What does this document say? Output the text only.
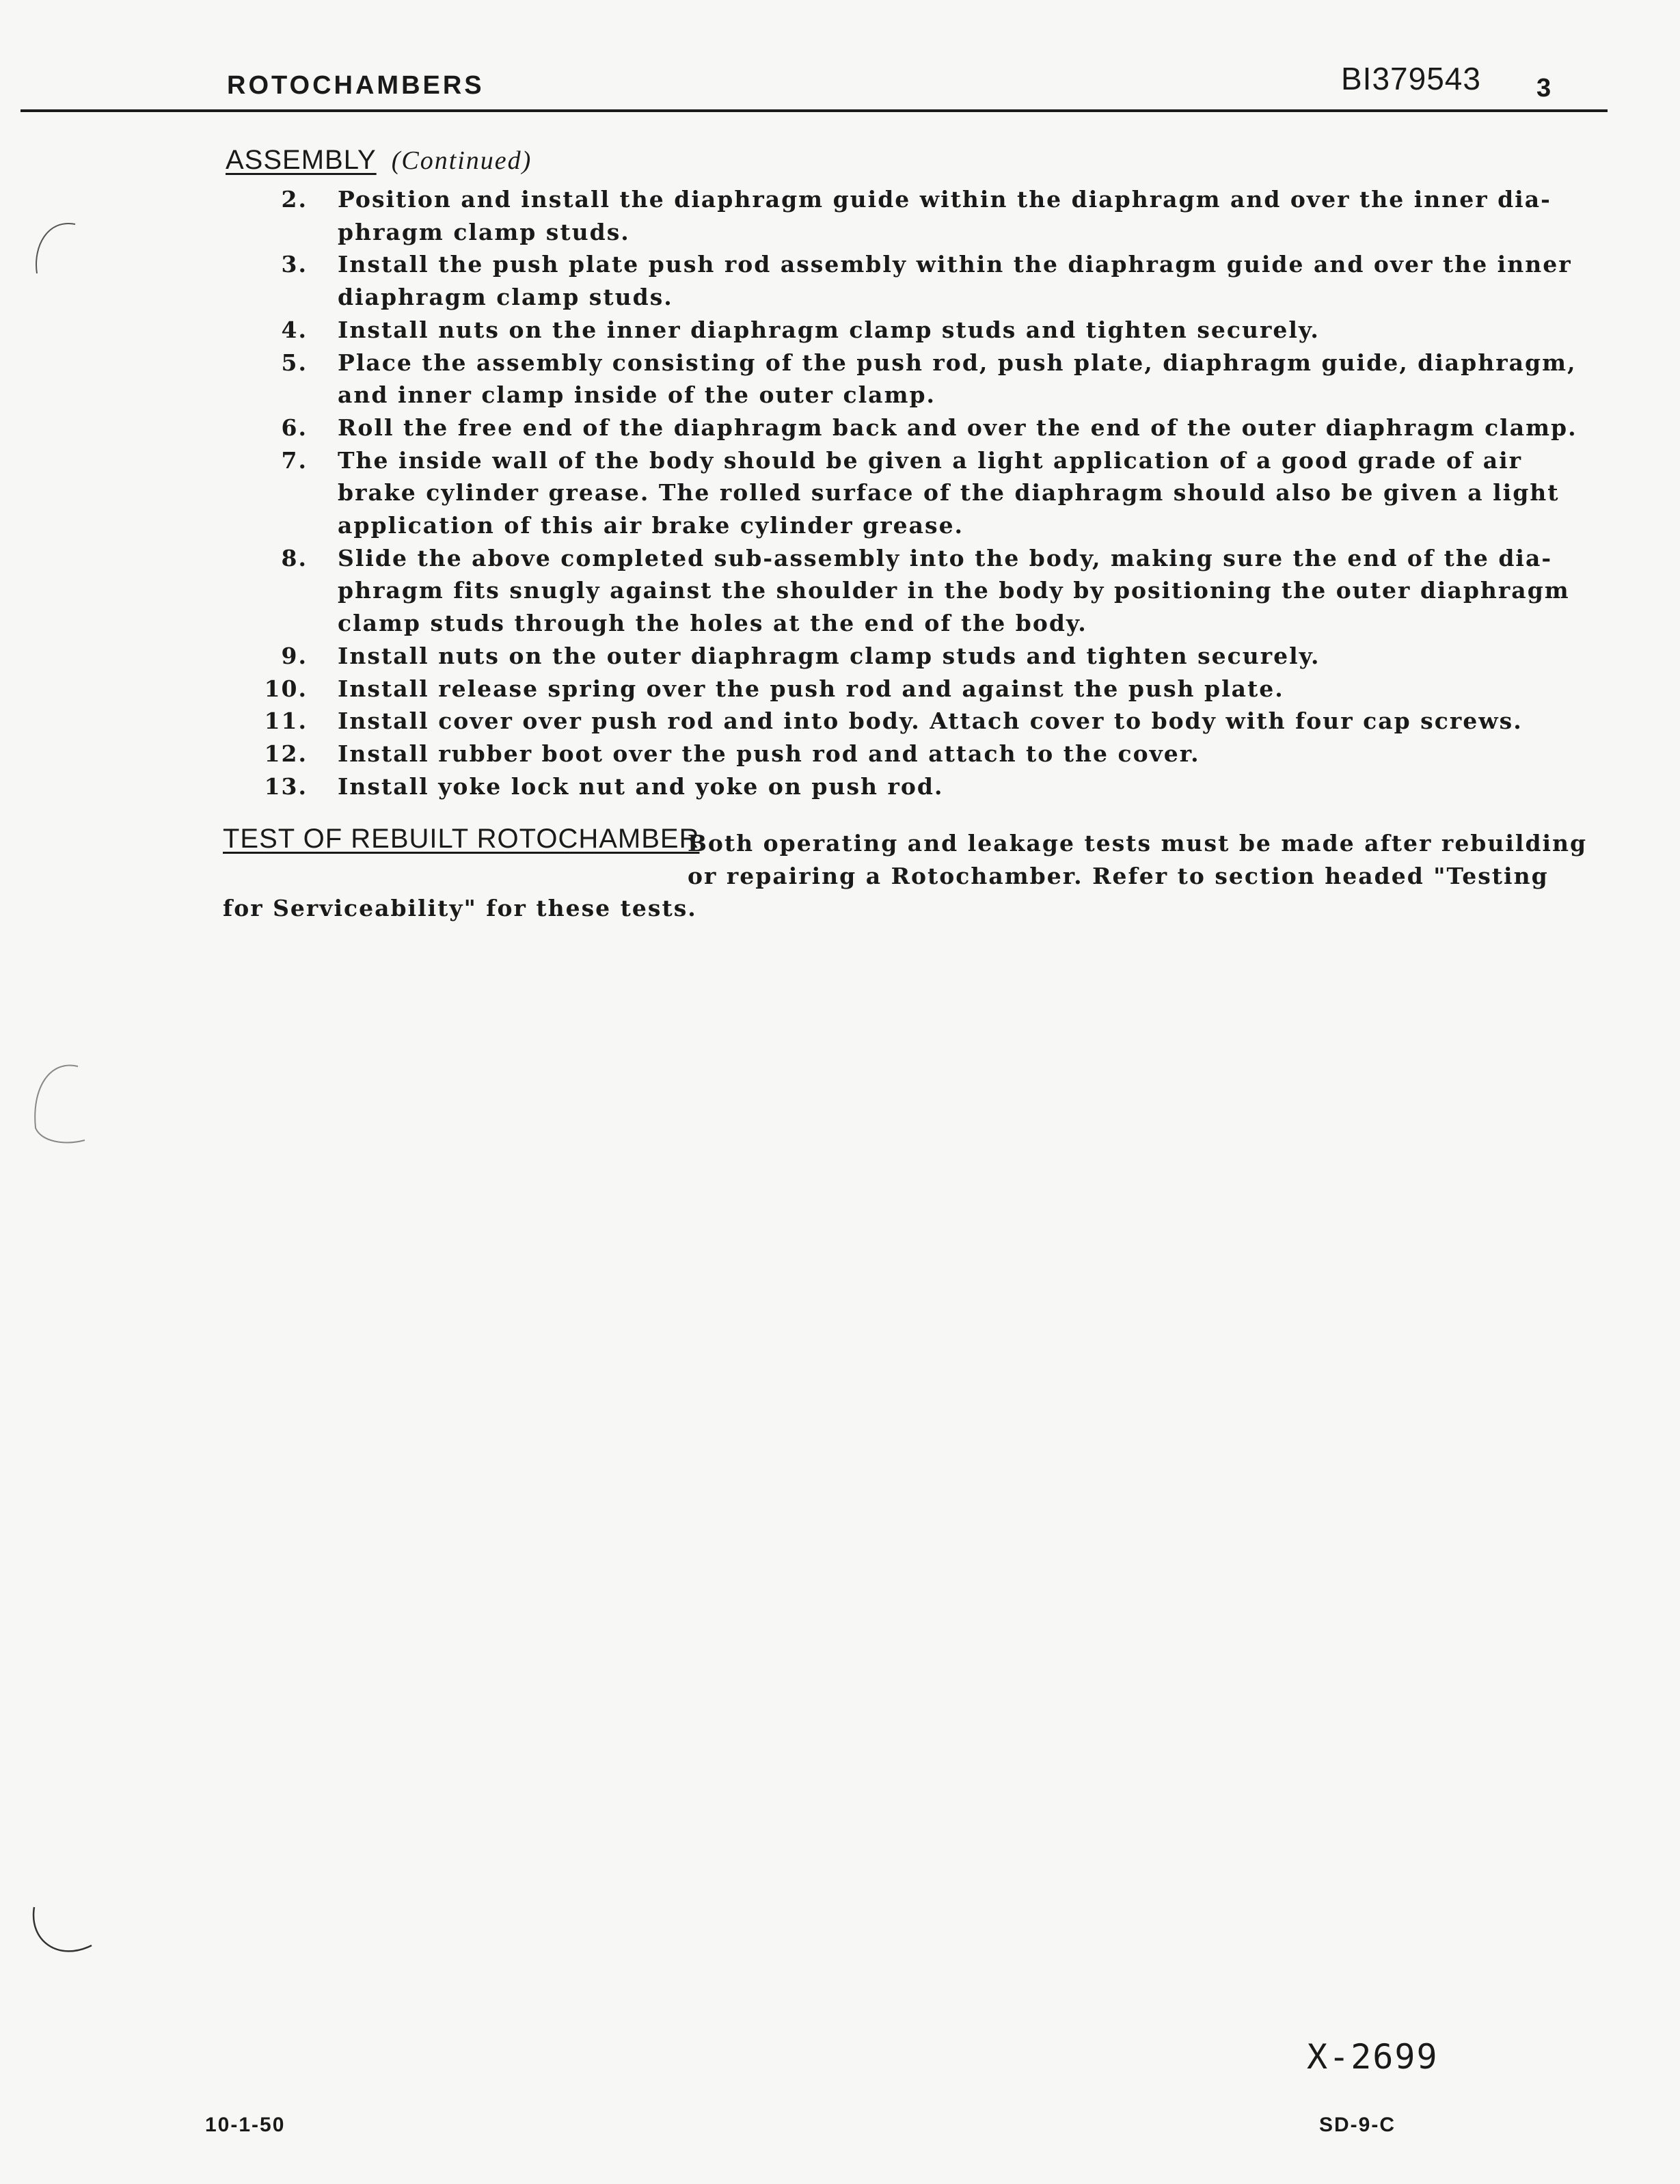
ROTOCHAMBERS	BI379543 3
ASSEMBLY (Continued)
2. Position and install the diaphragm guide within the diaphragm and over the inner dia-
phragm clamp studs.
3. Install the push plate push rod assembly within the diaphragm guide and over the inner
diaphragm clamp studs.
4. Install nuts on the inner diaphragm clamp studs and tighten securely.
5. Place the assembly consisting of the push rod, push plate, diaphragm guide, diaphragm,
and inner clamp inside of the outer clamp.
6. Roll the free end of the diaphragm back and over the end of the outer diaphragm clamp.
7. The inside wall of the body should be given a light application of a good grade of air
brake cylinder grease. The rolled surface of the diaphragm should also be given a light
application of this air brake cylinder grease.
8. Slide the above completed sub-assembly into the body, making sure the end of the dia-
phragm fits snugly against the shoulder in the body by positioning the outer diaphragm
clamp studs through the holes at the end of the body.
9. Install nuts on the outer diaphragm clamp studs and tighten securely.
10. Install release spring over the push rod and against the push plate.
11. Install cover over push rod and into body. Attach cover to body with four cap screws.
12. Install rubber boot over the push rod and attach to the cover.
13. Install yoke lock nut and yoke on push rod.
TEST OF REBUILT ROTOCHAMBER
Both operating and leakage tests must be made after rebuilding
or repairing a Rotochamber. Refer to section headed "Testing
for Serviceability" for these tests.
X-2699
10-1-50	SD-9-C
